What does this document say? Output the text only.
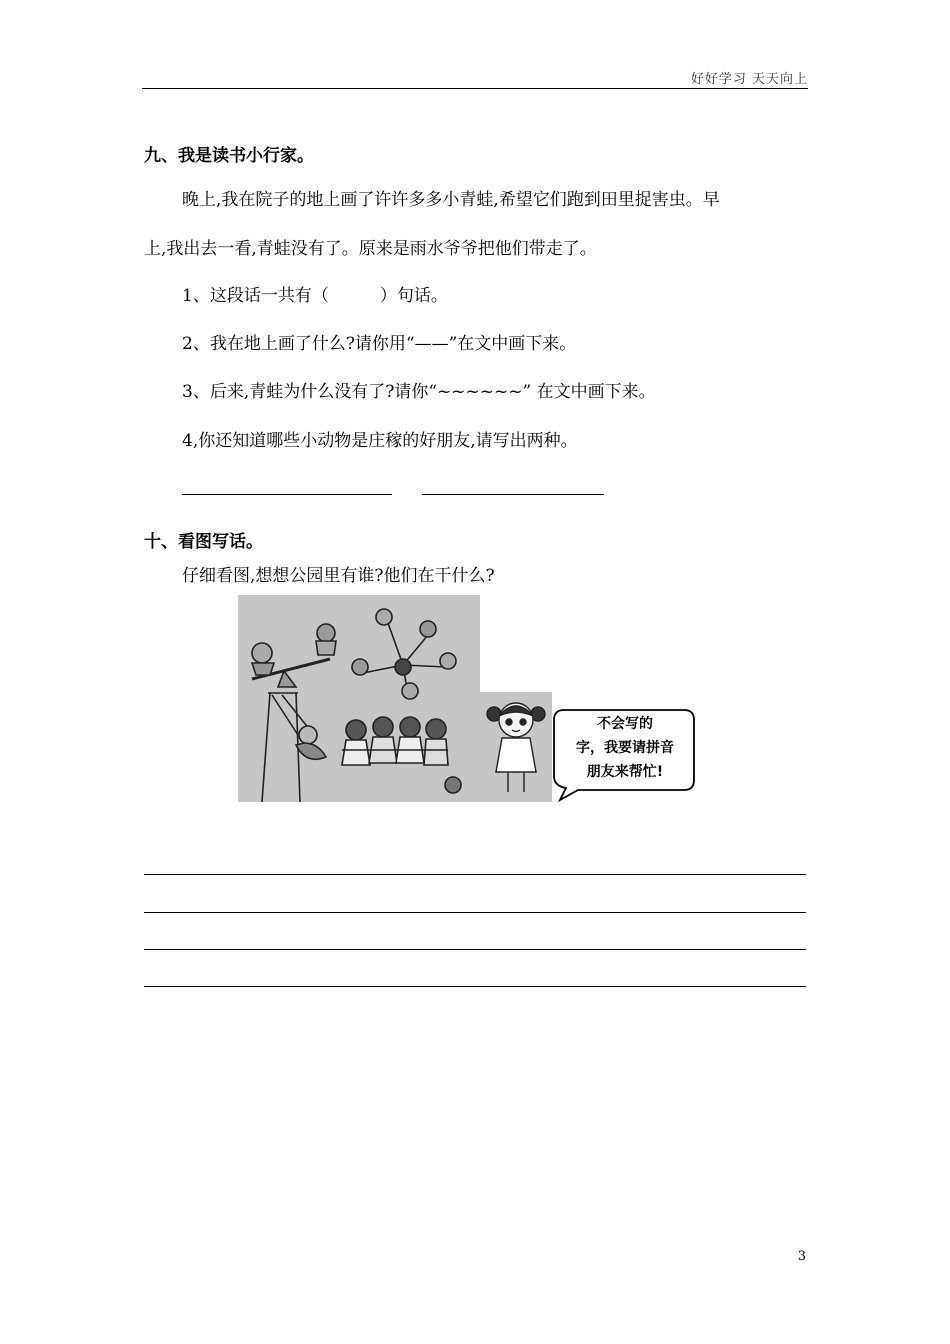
好好学习 天天向上
九、我是读书小行家。
晚上,我在院子的地上画了许许多多小青蛙,希望它们跑到田里捉害虫。早
上,我出去一看,青蛙没有了。原来是雨水爷爷把他们带走了。
1、这段话一共有（　　　）句话。
2、我在地上画了什么?请你用“——”在文中画下来。
3、后来,青蛙为什么没有了?请你“~~~~~~” 在文中画下来。
4,你还知道哪些小动物是庄稼的好朋友,请写出两种。
十、看图写话。
仔细看图,想想公园里有谁?他们在干什么?
不会写的
字，我要请拼音
朋友来帮忙!
3
